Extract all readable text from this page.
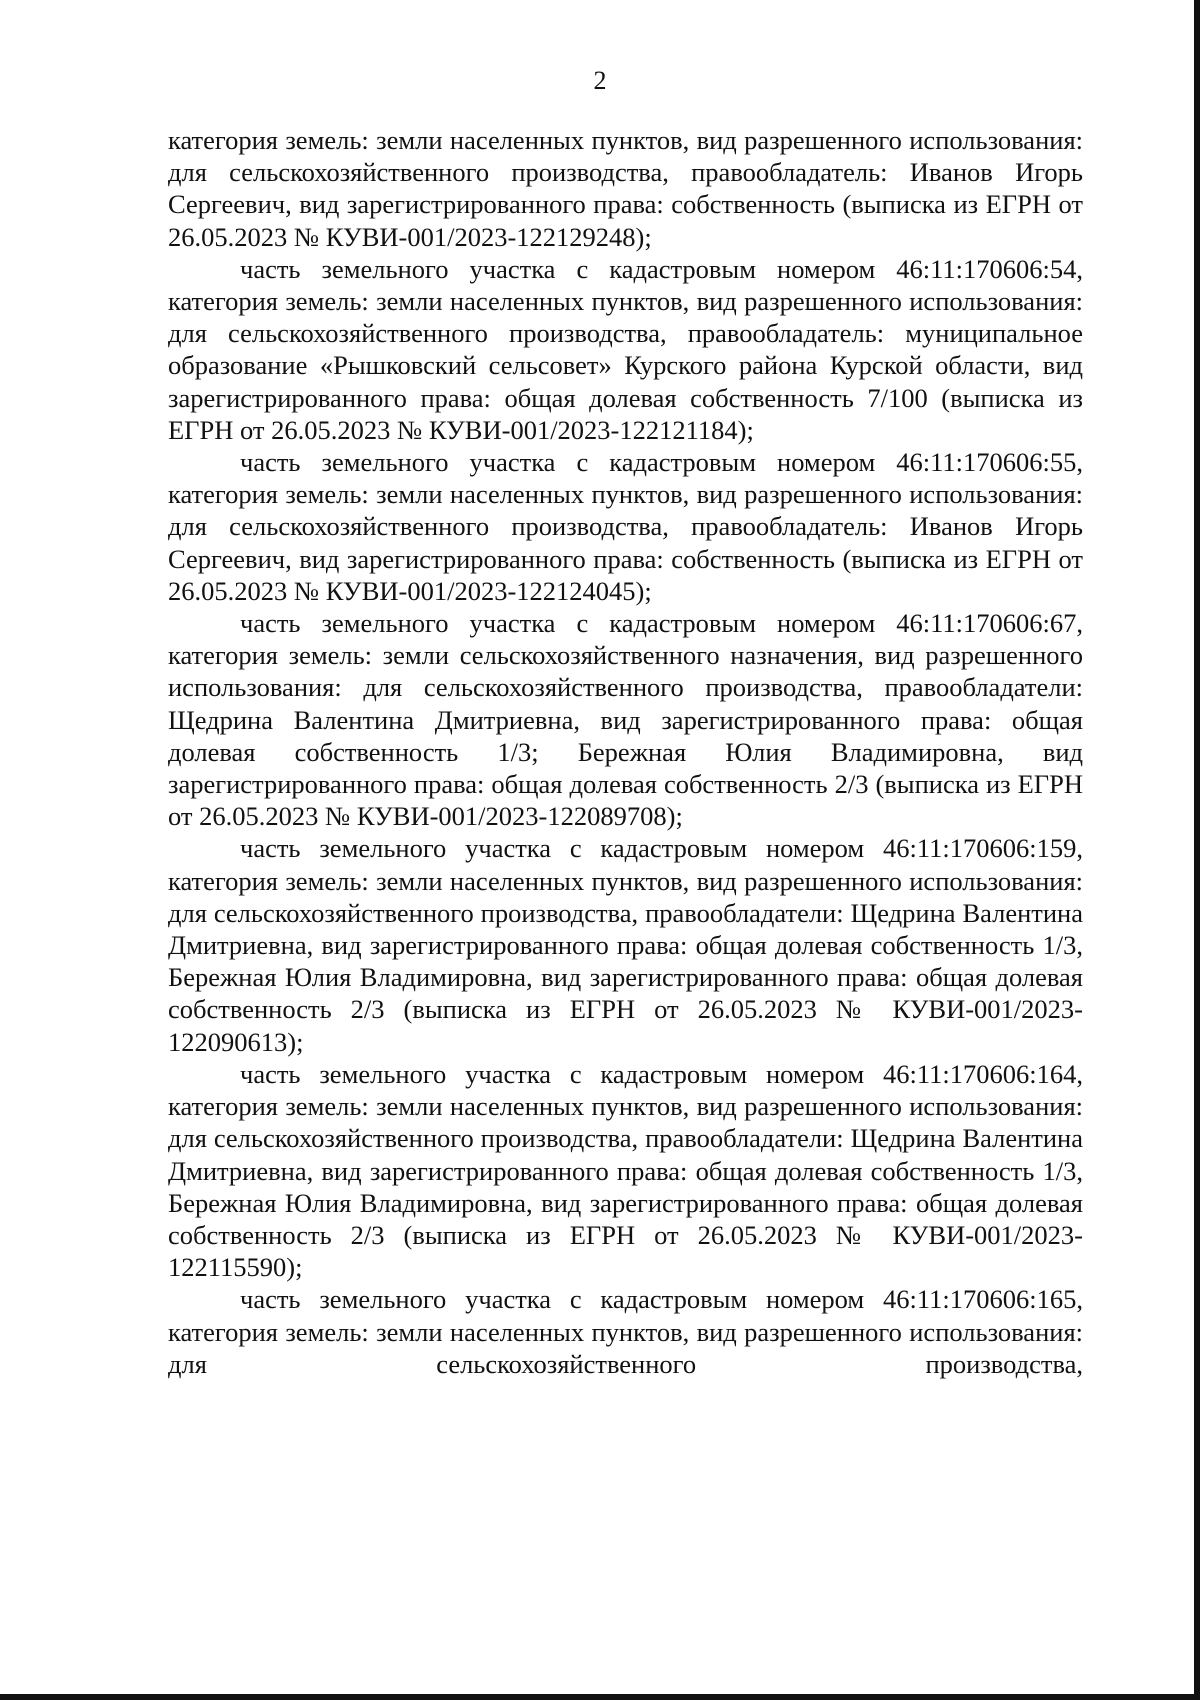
2

категория земель: земли населенных пунктов, вид разрешенного использования: для сельскохозяйственного производства, правообладатель: Иванов Игорь Сергеевич, вид зарегистрированного права: собственность (выписка из ЕГРН от 26.05.2023 № КУВИ-001/2023-122129248);

часть земельного участка с кадастровым номером 46:11:170606:54, категория земель: земли населенных пунктов, вид разрешенного использования: для сельскохозяйственного производства, правообладатель: муниципальное образование «Рышковский сельсовет» Курского района Курской области, вид зарегистрированного права: общая долевая собственность 7/100 (выписка из ЕГРН от 26.05.2023 № КУВИ-001/2023-122121184);

часть земельного участка с кадастровым номером 46:11:170606:55, категория земель: земли населенных пунктов, вид разрешенного использования: для сельскохозяйственного производства, правообладатель: Иванов Игорь Сергеевич, вид зарегистрированного права: собственность (выписка из ЕГРН от 26.05.2023 № КУВИ-001/2023-122124045);

часть земельного участка с кадастровым номером 46:11:170606:67, категория земель: земли сельскохозяйственного назначения, вид разрешенного использования: для сельскохозяйственного производства, правообладатели: Щедрина Валентина Дмитриевна, вид зарегистрированного права: общая долевая собственность 1/3; Бережная Юлия Владимировна, вид зарегистрированного права: общая долевая собственность 2/3 (выписка из ЕГРН от 26.05.2023 № КУВИ-001/2023-122089708);

часть земельного участка с кадастровым номером 46:11:170606:159, категория земель: земли населенных пунктов, вид разрешенного использования: для сельскохозяйственного производства, правообладатели: Щедрина Валентина Дмитриевна, вид зарегистрированного права: общая долевая собственность 1/3, Бережная Юлия Владимировна, вид зарегистрированного права: общая долевая собственность 2/3 (выписка из ЕГРН от 26.05.2023 № КУВИ-001/2023-122090613);

часть земельного участка с кадастровым номером 46:11:170606:164, категория земель: земли населенных пунктов, вид разрешенного использования: для сельскохозяйственного производства, правообладатели: Щедрина Валентина Дмитриевна, вид зарегистрированного права: общая долевая собственность 1/3, Бережная Юлия Владимировна, вид зарегистрированного права: общая долевая собственность 2/3 (выписка из ЕГРН от 26.05.2023 № КУВИ-001/2023-122115590);

часть земельного участка с кадастровым номером 46:11:170606:165, категория земель: земли населенных пунктов, вид разрешенного использования: для сельскохозяйственного производства,
